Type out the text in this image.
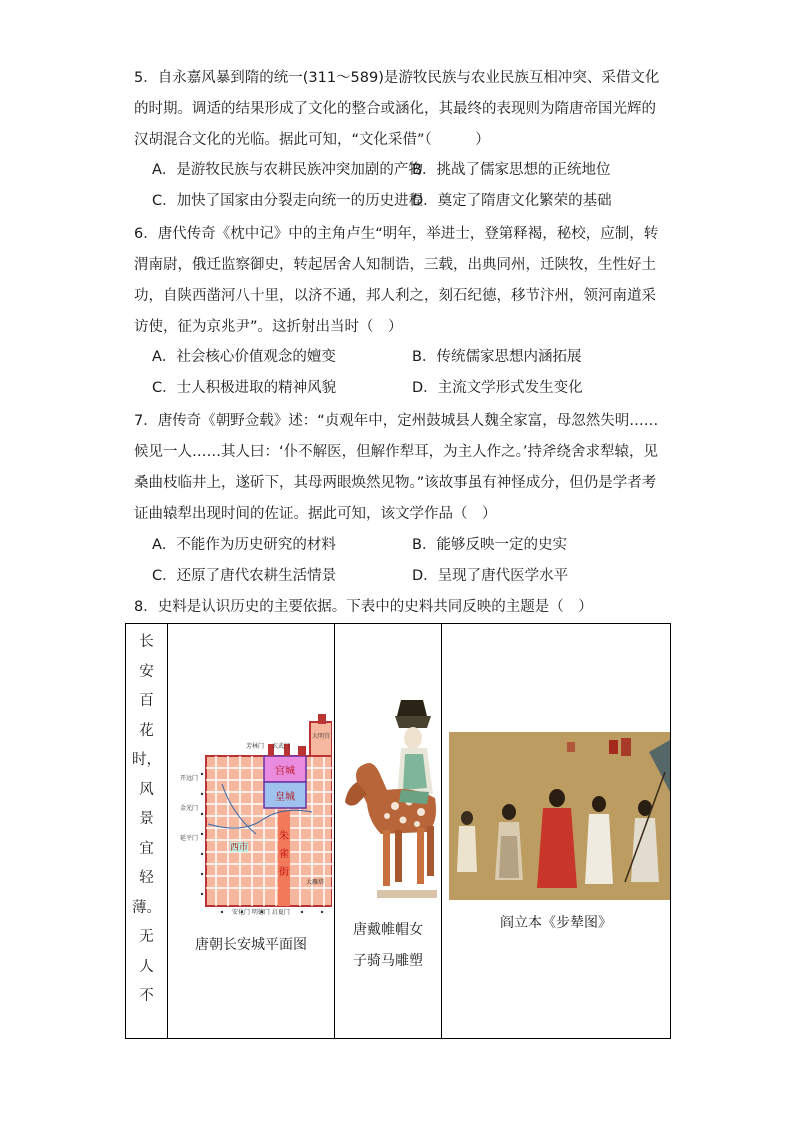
5．自永嘉风暴到隋的统一(311～589)是游牧民族与农业民族互相冲突、采借文化的时期。调适的结果形成了文化的整合或涵化，其最终的表现则为隋唐帝国光辉的汉胡混合文化的光临。据此可知，“文化采借”（　　　）

A．是游牧民族与农耕民族冲突加剧的产物
B．挑战了儒家思想的正统地位
C．加快了国家由分裂走向统一的历史进程
D．奠定了隋唐文化繁荣的基础

6．唐代传奇《枕中记》中的主角卢生“明年，举进士，登第释褐，秘校，应制，转渭南尉，俄迁监察御史，转起居舍人知制诰，三载，出典同州，迁陕牧，生性好土功，自陕西凿河八十里，以济不通，邦人利之，刻石纪德，移节汴州，领河南道采访使，征为京兆尹”。这折射出当时（　）

A．社会核心价值观念的嬗变	B．传统儒家思想内涵拓展
C．士人积极进取的精神风貌	D．主流文学形式发生变化

7．唐传奇《朝野佥载》述：“贞观年中，定州鼓城县人魏全家富，母忽然失明……候见一人……其人曰：‘仆不解医，但解作犁耳，为主人作之。’持斧绕舍求犁辕，见桑曲枝临井上，遂斫下，其母两眼焕然见物。”该故事虽有神怪成分，但仍是学者考证曲辕犁出现时间的佐证。据此可知，该文学作品（　）

A．不能作为历史研究的材料	B．能够反映一定的史实
C．还原了唐代农耕生活情景	D．呈现了唐代医学水平

8．史料是认识历史的主要依据。下表中的史料共同反映的主题是（　）

长
安
百
花
时，
风
景
宜
轻
薄。
无
人
不

宫城
皇城
大明宫
西市
朱
雀
街
芳林门 玄武门
开远门
金光门
延平门
安化门 明德门 启夏门
大雁塔
唐朝长安城平面图

唐戴帷帽女
子骑马雕塑

阎立本《步辇图》
